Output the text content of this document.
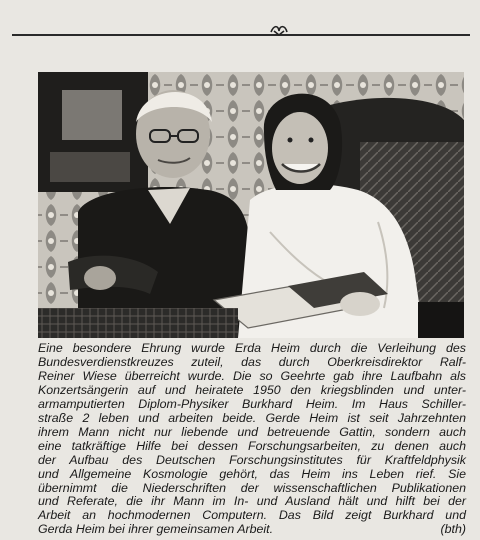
Eine besondere Ehrung wurde Erda Heim durch die Verleihung des
Bundesverdienstkreuzes zuteil, das durch Oberkreisdirektor Ralf-
Reiner Wiese überreicht wurde. Die so Geehrte gab ihre Laufbahn als
Konzertsängerin auf und heiratete 1950 den kriegsblinden und unter-
armamputierten Diplom-Physiker Burkhard Heim. Im Haus Schiller-
straße 2 leben und arbeiten beide. Gerde Heim ist seit Jahrzehnten
ihrem Mann nicht nur liebende und betreuende Gattin, sondern auch
eine tatkräftige Hilfe bei dessen Forschungsarbeiten, zu denen auch
der Aufbau des Deutschen Forschungsinstitutes für Kraftfeldphysik
und Allgemeine Kosmologie gehört, das Heim ins Leben rief. Sie
übernimmt die Niederschriften der wissenschaftlichen Publikationen
und Referate, die ihr Mann im In- und Ausland hält und hilft bei der
Arbeit an hochmodernen Computern. Das Bild zeigt Burkhard und
Gerda Heim bei ihrer gemeinsamen Arbeit.	(bth)
